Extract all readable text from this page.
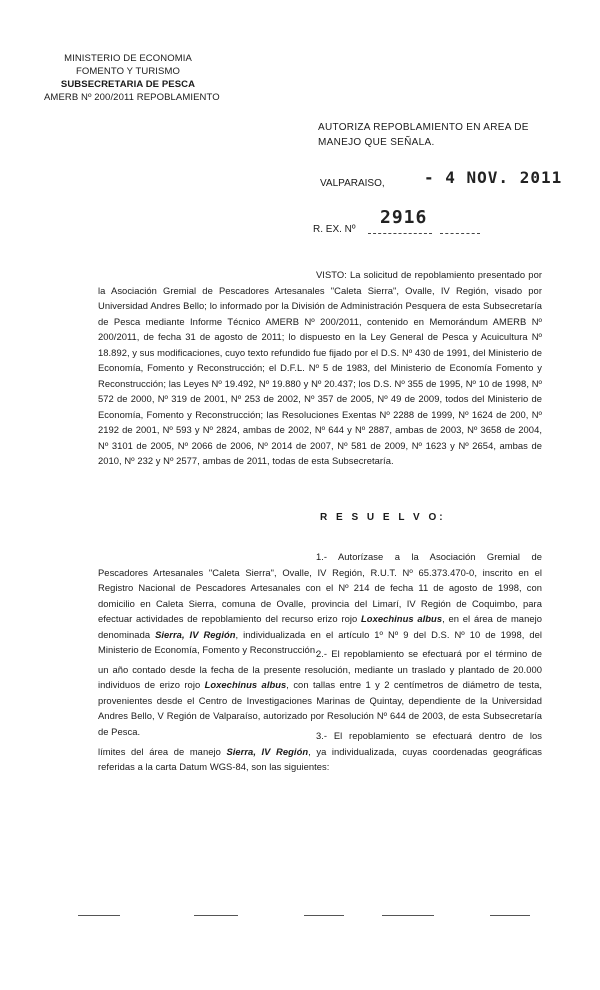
MINISTERIO DE ECONOMIA
FOMENTO Y TURISMO
SUBSECRETARIA DE PESCA
AMERB Nº 200/2011 REPOBLAMIENTO
AUTORIZA REPOBLAMIENTO EN AREA DE MANEJO QUE SEÑALA.
VALPARAISO, - 4 NOV. 2011
R. EX. Nº
2916
VISTO: La solicitud de repoblamiento presentado por la Asociación Gremial de Pescadores Artesanales "Caleta Sierra", Ovalle, IV Región, visado por Universidad Andres Bello; lo informado por la División de Administración Pesquera de esta Subsecretaría de Pesca mediante Informe Técnico AMERB Nº 200/2011, contenido en Memorándum AMERB Nº 200/2011, de fecha 31 de agosto de 2011; lo dispuesto en la Ley General de Pesca y Acuicultura Nº 18.892, y sus modificaciones, cuyo texto refundido fue fijado por el D.S. Nº 430 de 1991, del Ministerio de Economía, Fomento y Reconstrucción; el D.F.L. Nº 5 de 1983, del Ministerio de Economía Fomento y Reconstrucción; las Leyes Nº 19.492, Nº 19.880 y Nº 20.437; los D.S. Nº 355 de 1995, Nº 10 de 1998, Nº 572 de 2000, Nº 319 de 2001, Nº 253 de 2002, Nº 357 de 2005, Nº 49 de 2009, todos del Ministerio de Economía, Fomento y Reconstrucción; las Resoluciones Exentas Nº 2288 de 1999, Nº 1624 de 200, Nº 2192 de 2001, Nº 593 y Nº 2824, ambas de 2002, Nº 644 y Nº 2887, ambas de 2003, Nº 3658 de 2004, Nº 3101 de 2005, Nº 2066 de 2006, Nº 2014 de 2007, Nº 581 de 2009, Nº 1623 y Nº 2654, ambas de 2010, Nº 232 y Nº 2577, ambas de 2011, todas de esta Subsecretaría.
R E S U E L V O:
1.- Autorízase a la Asociación Gremial de Pescadores Artesanales "Caleta Sierra", Ovalle, IV Región, R.U.T. Nº 65.373.470-0, inscrito en el Registro Nacional de Pescadores Artesanales con el Nº 214 de fecha 11 de agosto de 1998, con domicilio en Caleta Sierra, comuna de Ovalle, provincia del Limarí, IV Región de Coquimbo, para efectuar actividades de repoblamiento del recurso erizo rojo Loxechinus albus, en el área de manejo denominada Sierra, IV Región, individualizada en el artículo 1º Nº 9 del D.S. Nº 10 de 1998, del Ministerio de Economía, Fomento y Reconstrucción.
2.- El repoblamiento se efectuará por el término de un año contado desde la fecha de la presente resolución, mediante un traslado y plantado de 20.000 individuos de erizo rojo Loxechinus albus, con tallas entre 1 y 2 centímetros de diámetro de testa, provenientes desde el Centro de Investigaciones Marinas de Quintay, dependiente de la Universidad Andres Bello, V Región de Valparaíso, autorizado por Resolución Nº 644 de 2003, de esta Subsecretaría de Pesca.	3.- El repoblamiento se efectuará dentro de los límites del área de manejo Sierra, IV Región, ya individualizada, cuyas coordenadas geográficas referidas a la carta Datum WGS-84, son las siguientes:
